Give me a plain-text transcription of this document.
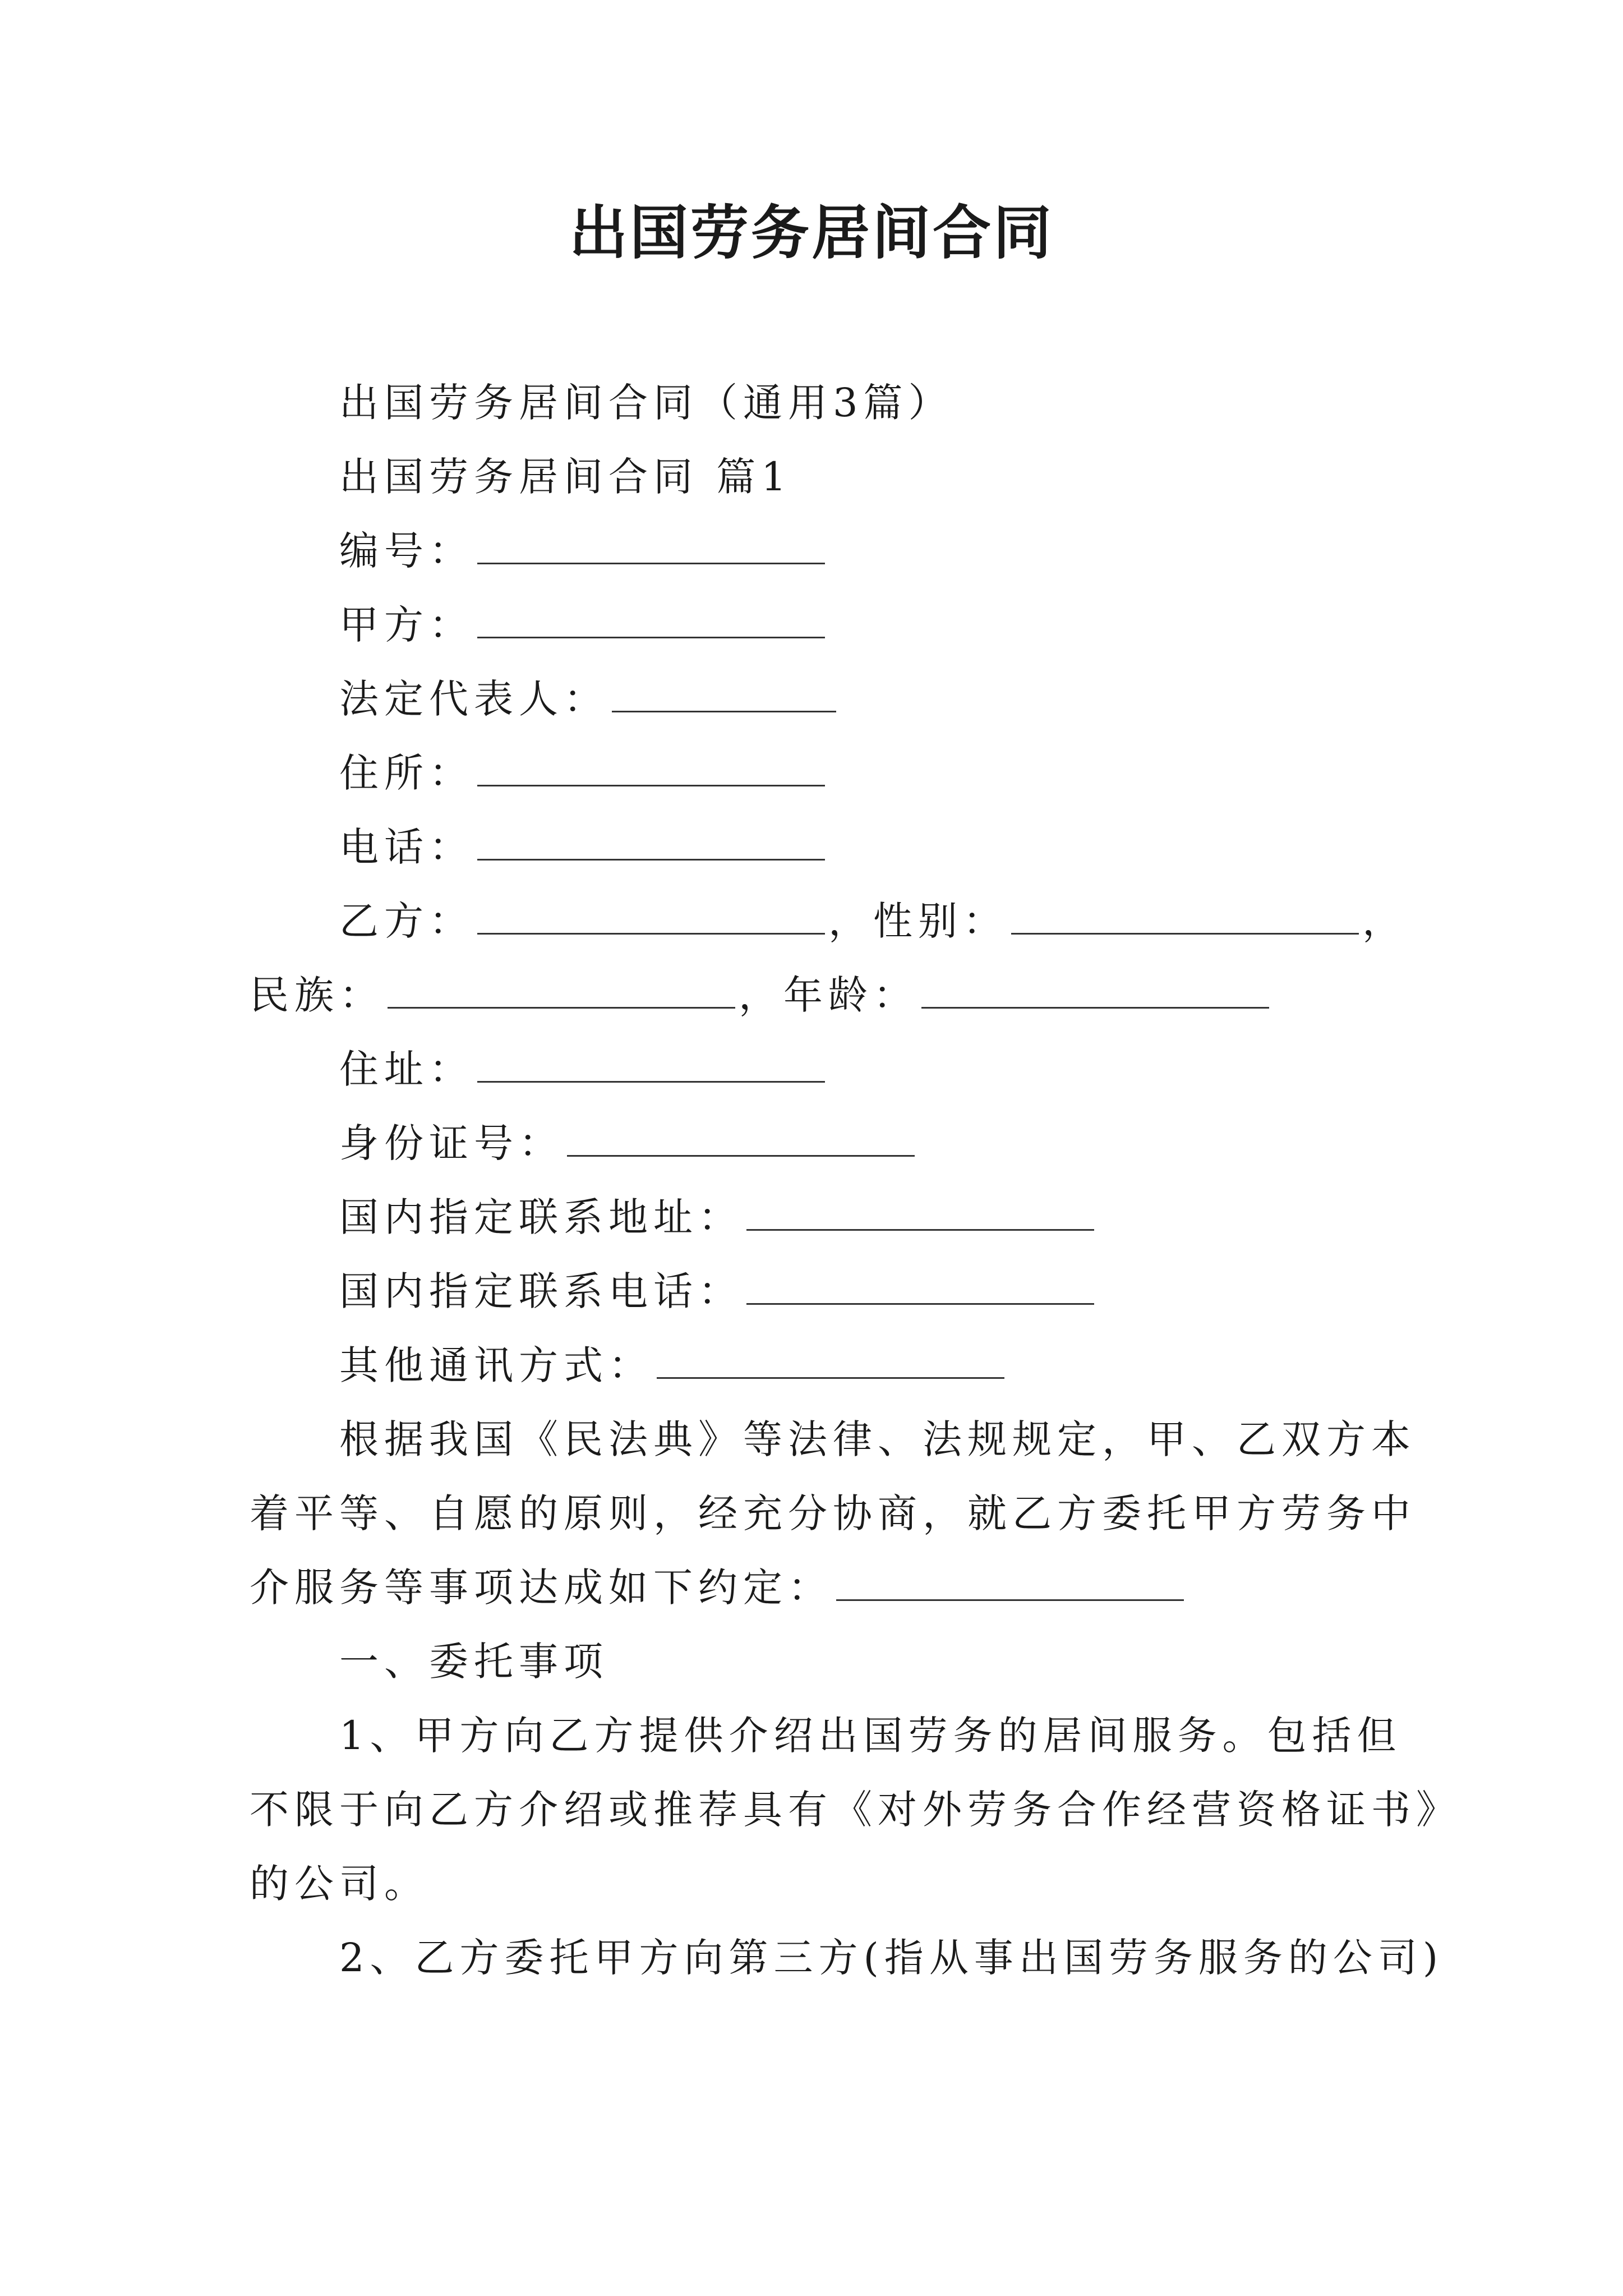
出国劳务居间合同
出国劳务居间合同（通用3篇）
出国劳务居间合同 篇1
编号：
甲方：
法定代表人：
住所：
电话：
乙方：	，性别：	，
民族：	，年龄：
住址：
身份证号：
国内指定联系地址：
国内指定联系电话：
其他通讯方式：
根据我国《民法典》等法律、法规规定，甲、乙双方本
着平等、自愿的原则，经充分协商，就乙方委托甲方劳务中
介服务等事项达成如下约定：
一、委托事项
1、甲方向乙方提供介绍出国劳务的居间服务。包括但
不限于向乙方介绍或推荐具有《对外劳务合作经营资格证书》
的公司。
2、乙方委托甲方向第三方(指从事出国劳务服务的公司)
